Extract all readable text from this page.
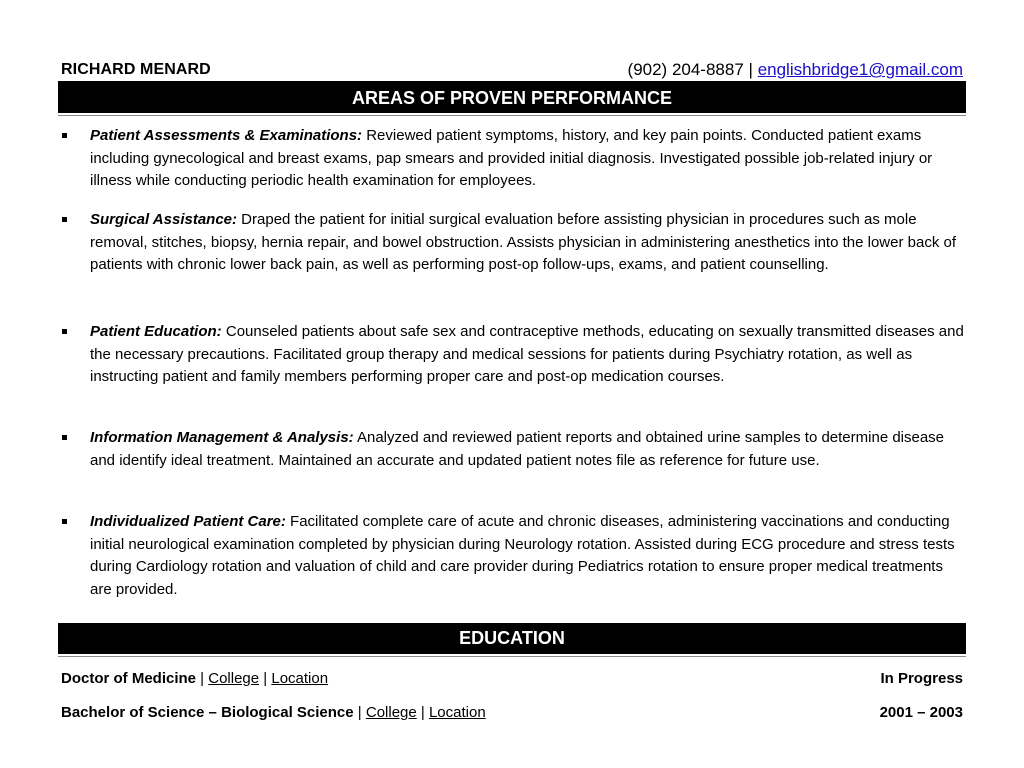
RICHARD MENARD	(902) 204-8887 | englishbridge1@gmail.com
AREAS OF PROVEN PERFORMANCE
Patient Assessments & Examinations: Reviewed patient symptoms, history, and key pain points. Conducted patient exams including gynecological and breast exams, pap smears and provided initial diagnosis. Investigated possible job-related injury or illness while conducting periodic health examination for employees.
Surgical Assistance: Draped the patient for initial surgical evaluation before assisting physician in procedures such as mole removal, stitches, biopsy, hernia repair, and bowel obstruction. Assists physician in administering anesthetics into the lower back of patients with chronic lower back pain, as well as performing post-op follow-ups, exams, and patient counselling.
Patient Education: Counseled patients about safe sex and contraceptive methods, educating on sexually transmitted diseases and the necessary precautions. Facilitated group therapy and medical sessions for patients during Psychiatry rotation, as well as instructing patient and family members performing proper care and post-op medication courses.
Information Management & Analysis: Analyzed and reviewed patient reports and obtained urine samples to determine disease and identify ideal treatment. Maintained an accurate and updated patient notes file as reference for future use.
Individualized Patient Care: Facilitated complete care of acute and chronic diseases, administering vaccinations and conducting initial neurological examination completed by physician during Neurology rotation. Assisted during ECG procedure and stress tests during Cardiology rotation and valuation of child and care provider during Pediatrics rotation to ensure proper medical treatments are provided.
EDUCATION
Doctor of Medicine | College | Location	In Progress
Bachelor of Science – Biological Science | College | Location	2001 – 2003
